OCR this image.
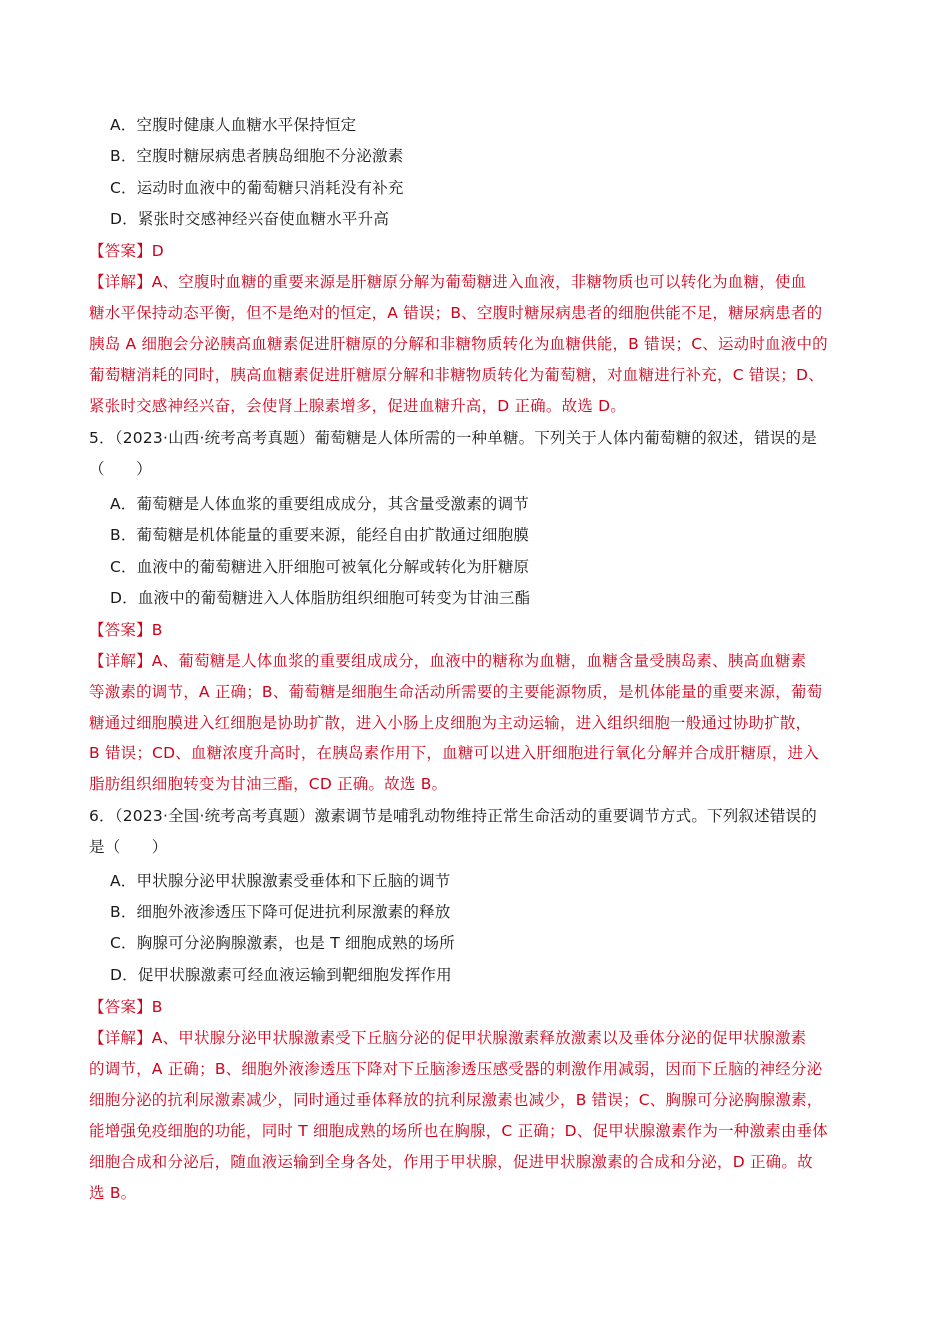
A．空腹时健康人血糖水平保持恒定
B．空腹时糖尿病患者胰岛细胞不分泌激素
C．运动时血液中的葡萄糖只消耗没有补充
D．紧张时交感神经兴奋使血糖水平升高
【答案】D
【详解】A、空腹时血糖的重要来源是肝糖原分解为葡萄糖进入血液，非糖物质也可以转化为血糖，使血
糖水平保持动态平衡，但不是绝对的恒定，A 错误；B、空腹时糖尿病患者的细胞供能不足，糖尿病患者的
胰岛 A 细胞会分泌胰高血糖素促进肝糖原的分解和非糖物质转化为血糖供能，B 错误；C、运动时血液中的
葡萄糖消耗的同时，胰高血糖素促进肝糖原分解和非糖物质转化为葡萄糖，对血糖进行补充，C 错误；D、
紧张时交感神经兴奋，会使肾上腺素增多，促进血糖升高，D 正确。故选 D。
5．（2023·山西·统考高考真题）葡萄糖是人体所需的一种单糖。下列关于人体内葡萄糖的叙述，错误的是
（　　）
A．葡萄糖是人体血浆的重要组成成分，其含量受激素的调节
B．葡萄糖是机体能量的重要来源，能经自由扩散通过细胞膜
C．血液中的葡萄糖进入肝细胞可被氧化分解或转化为肝糖原
D．血液中的葡萄糖进入人体脂肪组织细胞可转变为甘油三酯
【答案】B
【详解】A、葡萄糖是人体血浆的重要组成成分，血液中的糖称为血糖，血糖含量受胰岛素、胰高血糖素
等激素的调节，A 正确；B、葡萄糖是细胞生命活动所需要的主要能源物质，是机体能量的重要来源，葡萄
糖通过细胞膜进入红细胞是协助扩散，进入小肠上皮细胞为主动运输，进入组织细胞一般通过协助扩散，
B 错误；CD、血糖浓度升高时，在胰岛素作用下，血糖可以进入肝细胞进行氧化分解并合成肝糖原，进入
脂肪组织细胞转变为甘油三酯，CD 正确。故选 B。
6．（2023·全国·统考高考真题）激素调节是哺乳动物维持正常生命活动的重要调节方式。下列叙述错误的
是（　　）
A．甲状腺分泌甲状腺激素受垂体和下丘脑的调节
B．细胞外液渗透压下降可促进抗利尿激素的释放
C．胸腺可分泌胸腺激素，也是 T 细胞成熟的场所
D．促甲状腺激素可经血液运输到靶细胞发挥作用
【答案】B
【详解】A、甲状腺分泌甲状腺激素受下丘脑分泌的促甲状腺激素释放激素以及垂体分泌的促甲状腺激素
的调节，A 正确；B、细胞外液渗透压下降对下丘脑渗透压感受器的刺激作用减弱，因而下丘脑的神经分泌
细胞分泌的抗利尿激素减少，同时通过垂体释放的抗利尿激素也减少，B 错误；C、胸腺可分泌胸腺激素，
能增强免疫细胞的功能，同时 T 细胞成熟的场所也在胸腺，C 正确；D、促甲状腺激素作为一种激素由垂体
细胞合成和分泌后，随血液运输到全身各处，作用于甲状腺，促进甲状腺激素的合成和分泌，D 正确。故
选 B。
